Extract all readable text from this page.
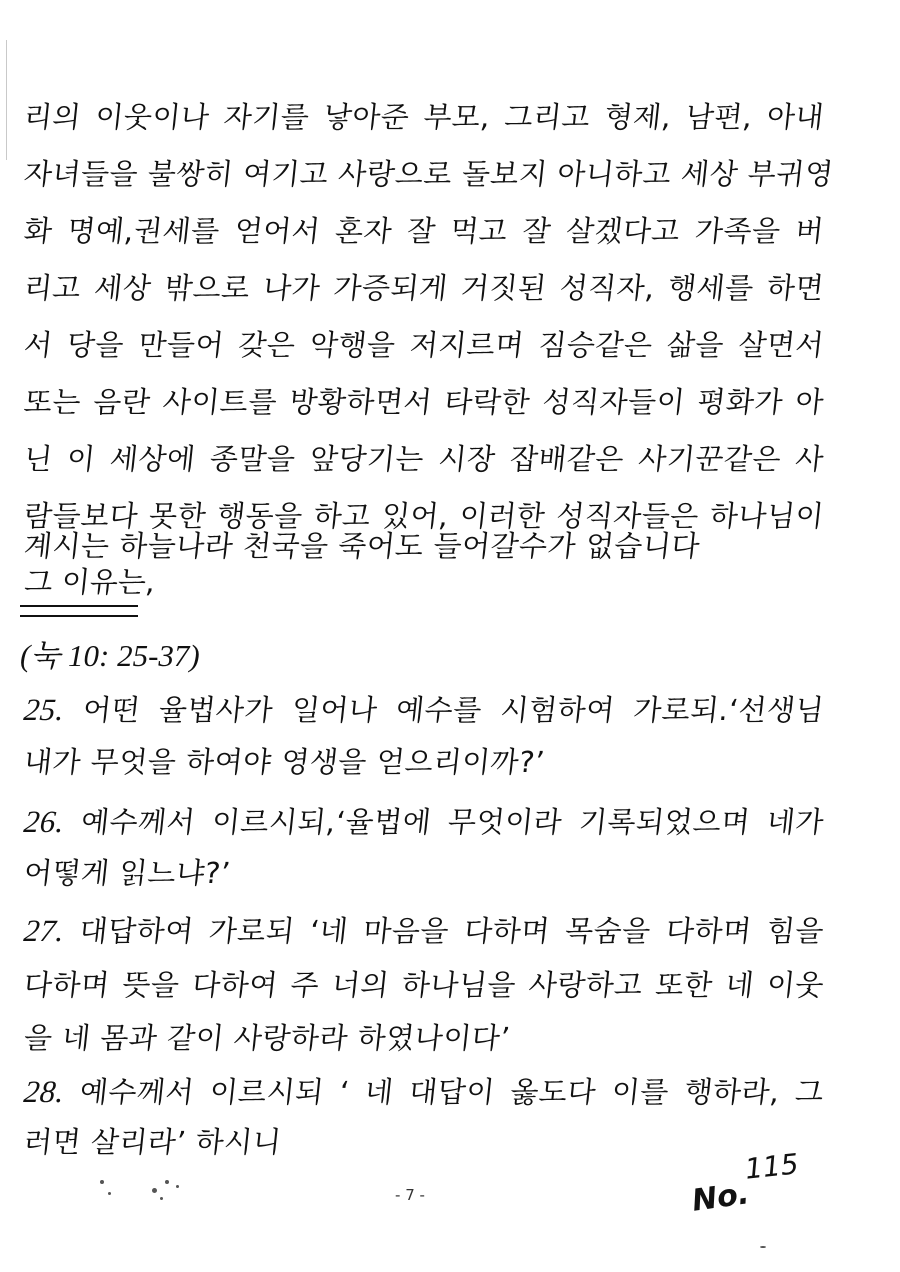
리의 이웃이나 자기를 낳아준 부모, 그리고 형제, 남편, 아내
자녀들을 불쌍히 여기고 사랑으로 돌보지 아니하고 세상 부귀영
화 명예,권세를 얻어서 혼자 잘 먹고 잘 살겠다고 가족을 버
리고 세상 밖으로 나가 가증되게 거짓된 성직자, 행세를 하면
서 당을 만들어 갖은 악행을 저지르며 짐승같은 삶을 살면서
또는 음란 사이트를 방황하면서 타락한 성직자들이 평화가 아
닌 이 세상에 종말을 앞당기는 시장 잡배같은 사기꾼같은 사
람들보다 못한 행동을 하고 있어, 이러한 성직자들은 하나님이
계시는 하늘나라 천국을 죽어도 들어갈수가 없습니다
그 이유는,
(눅 10: 25-37)
25. 어떤 율법사가 일어나 예수를 시험하여 가로되.‘선생님
내가 무엇을 하여야 영생을 얻으리이까?’
26. 예수께서 이르시되,‘율법에 무엇이라 기록되었으며 네가
어떻게 읽느냐?’
27. 대답하여 가로되 ‘네 마음을 다하며 목숨을 다하며 힘을
다하며 뜻을 다하여 주 너의 하나님을 사랑하고 또한 네 이웃
을 네 몸과 같이 사랑하라 하였나이다’
28. 예수께서 이르시되 ‘ 네 대답이 옳도다 이를 행하라, 그
러면 살리라’ 하시니
- 7 -
115
No.
